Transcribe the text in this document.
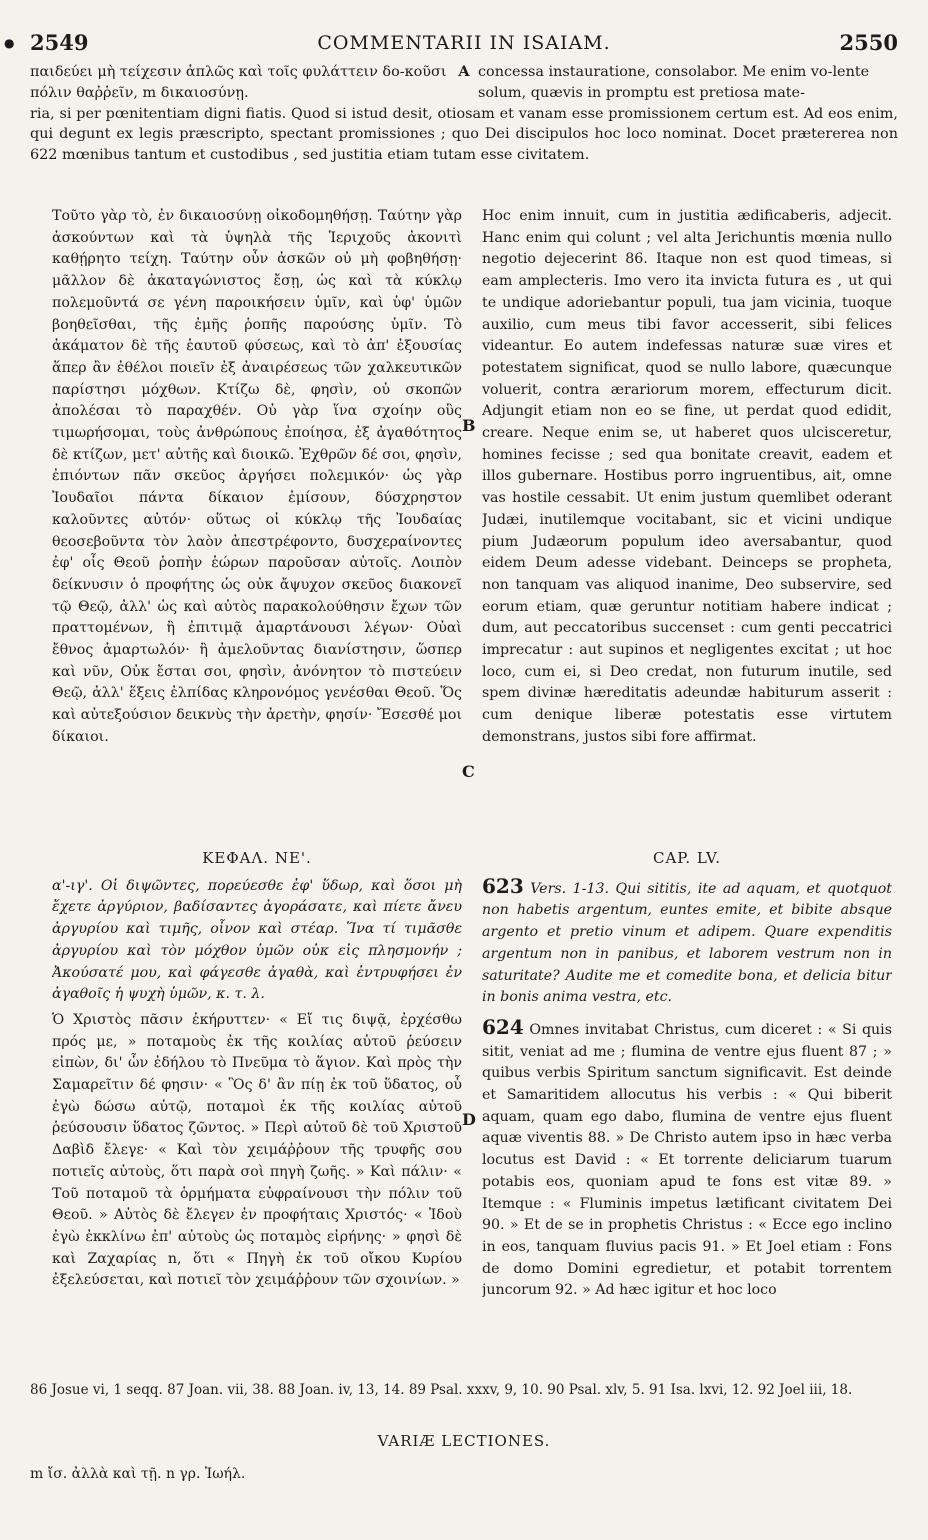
● 2549	COMMENTARII IN ISAIAM.	2550
παιδεύει μὴ τείχεσιν ἁπλῶς καὶ τοῖς φυλάττειν δο-κοῦσι πόλιν θαῤῥεῖν, m δικαιοσύνῃ.
A concessa instauratione, consolabor. Me enim vo-lente solum, quævis in promptu est pretiosa mate-
ria, si per pœnitentiam digni fiatis. Quod si istud desit, otiosam et vanam esse promissionem certum est. Ad eos enim, qui degunt ex legis præscripto, spectant promissiones ; quo Dei discipulos hoc loco nominat. Docet prætererea non 622 mœnibus tantum et custodibus , sed justitia etiam tutam esse civitatem.
Τοῦτο γὰρ τὸ, ἐν δικαιοσύνῃ οἰκοδομηθήσῃ. Ταύτην γὰρ ἀσκούντων καὶ τὰ ὑψηλὰ τῆς Ἱεριχοῦς ἀκονιτὶ καθῄρητο τείχη. Ταύτην οὖν ἀσκῶν οὐ μὴ φοβηθήσῃ· μᾶλλον δὲ ἀκαταγώνιστος ἔσῃ, ὡς καὶ τὰ κύκλῳ πολεμοῦντά σε γένη παροικήσειν ὑμῖν, καὶ ὑφ' ὑμῶν βοηθεῖσθαι, τῆς ἐμῆς ῥοπῆς παρούσης ὑμῖν. Τὸ ἀκάματον δὲ τῆς ἑαυτοῦ φύσεως, καὶ τὸ ἀπ' ἐξουσίας ἅπερ ἂν ἐθέλοι ποιεῖν ἐξ ἀναιρέσεως τῶν χαλκευτικῶν παρίστησι μόχθων. Κτίζω δὲ, φησὶν, οὐ σκοπῶν ἀπολέσαι τὸ παραχθέν. Οὐ γὰρ ἵνα σχοίην οὓς τιμωρήσομαι, τοὺς ἀνθρώπους ἐποίησα, ἐξ ἀγαθότητος δὲ κτίζων, μετ' αὐτῆς καὶ διοικῶ. Ἐχθρῶν δέ σοι, φησὶν, ἐπιόντων πᾶν σκεῦος ἀργήσει πολεμικόν· ὡς γὰρ Ἰουδαῖοι πάντα δίκαιον ἐμίσουν, δύσχρηστον καλοῦντες αὐτόν· οὕτως οἱ κύκλῳ τῆς Ἰουδαίας θεοσεβοῦντα τὸν λαὸν ἀπεστρέφοντο, δυσχεραίνοντες ἐφ' οἷς Θεοῦ ῥοπὴν ἑώρων παροῦσαν αὐτοῖς. Λοιπὸν δείκνυσιν ὁ προφήτης ὡς οὐκ ἄψυχον σκεῦος διακονεῖ τῷ Θεῷ, ἀλλ' ὡς καὶ αὐτὸς παρακολούθησιν ἔχων τῶν πραττομένων, ἢ ἐπιτιμᾷ ἁμαρτάνουσι λέγων· Οὐαὶ ἔθνος ἁμαρτωλόν· ἢ ἀμελοῦντας διανίστησιν, ὥσπερ καὶ νῦν, Οὐκ ἔσται σοι, φησὶν, ἀνόνητον τὸ πιστεύειν Θεῷ, ἀλλ' ἕξεις ἐλπίδας κληρονόμος γενέσθαι Θεοῦ. Ὅς καὶ αὐτεξούσιον δεικνὺς τὴν ἀρετὴν, φησίν· Ἔσεσθέ μοι δίκαιοι.
Hoc enim innuit, cum in justitia ædificaberis, adjecit. Hanc enim qui colunt ; vel alta Jerichuntis mœnia nullo negotio dejecerint 86. Itaque non est quod timeas, si eam amplecteris. Imo vero ita invicta futura es , ut qui te undique adoriebantur populi, tua jam vicinia, tuoque auxilio, cum meus tibi favor accesserit, sibi felices videantur. Eo autem indefessas naturæ suæ vires et potestatem significat, quod se nullo labore, quæcunque voluerit, contra ærariorum morem, effecturum dicit. Adjungit etiam non eo se fine, ut perdat quod edidit, creare. Neque enim se, ut haberet quos ulcisceretur, homines fecisse ; sed qua bonitate creavit, eadem et illos gubernare. Hostibus porro ingruentibus, ait, omne vas hostile cessabit. Ut enim justum quemlibet oderant Judæi, inutilemque vocitabant, sic et vicini undique pium Judæorum populum ideo aversabantur, quod eidem Deum adesse videbant. Deinceps se propheta, non tanquam vas aliquod inanime, Deo subservire, sed eorum etiam, quæ geruntur notitiam habere indicat ; dum, aut peccatoribus succenset : cum genti peccatrici imprecatur : aut supinos et negligentes excitat ; ut hoc loco, cum ei, si Deo credat, non futurum inutile, sed spem divinæ hæreditatis adeundæ habiturum asserit : cum denique liberæ potestatis esse virtutem demonstrans, justos sibi fore affirmat.
B
C
D
ΚΕΦΑΛ. ΝΕ'.
α'-ιγ'. Οἱ διψῶντες, πορεύεσθε ἐφ' ὕδωρ, καὶ ὅσοι μὴ ἔχετε ἀργύριον, βαδίσαντες ἀγοράσατε, καὶ πίετε ἄνευ ἀργυρίου καὶ τιμῆς, οἶνον καὶ στέαρ. Ἵνα τί τιμᾶσθε ἀργυρίου καὶ τὸν μόχθον ὑμῶν οὐκ εἰς πλησμονήν ; Ἀκούσατέ μου, καὶ φάγεσθε ἀγαθὰ, καὶ ἐντρυφήσει ἐν ἀγαθοῖς ἡ ψυχὴ ὑμῶν, κ. τ. λ.
Ὁ Χριστὸς πᾶσιν ἐκήρυττεν· « Εἴ τις διψᾷ, ἐρχέσθω πρός με, » ποταμοὺς ἐκ τῆς κοιλίας αὐτοῦ ῥεύσειν εἰπὼν, δι' ὧν ἐδήλου τὸ Πνεῦμα τὸ ἅγιον. Καὶ πρὸς τὴν Σαμαρεῖτιν δέ φησιν· « Ὃς δ' ἂν πίῃ ἐκ τοῦ ὕδατος, οὗ ἐγὼ δώσω αὐτῷ, ποταμοὶ ἐκ τῆς κοιλίας αὐτοῦ ῥεύσουσιν ὕδατος ζῶντος. » Περὶ αὐτοῦ δὲ τοῦ Χριστοῦ Δαβὶδ ἔλεγε· « Καὶ τὸν χειμάῤῥουν τῆς τρυφῆς σου ποτιεῖς αὐτοὺς, ὅτι παρὰ σοὶ πηγὴ ζωῆς. » Καὶ πάλιν· « Τοῦ ποταμοῦ τὰ ὁρμήματα εὐφραίνουσι τὴν πόλιν τοῦ Θεοῦ. » Αὐτὸς δὲ ἔλεγεν ἐν προφήταις Χριστός· « Ἰδοὺ ἐγὼ ἐκκλίνω ἐπ' αὐτοὺς ὡς ποταμὸς εἰρήνης· » φησὶ δὲ καὶ Ζαχαρίας n, ὅτι « Πηγὴ ἐκ τοῦ οἴκου Κυρίου ἐξελεύσεται, καὶ ποτιεῖ τὸν χειμάῤῥουν τῶν σχοινίων. »
CAP. LV.
623 Vers. 1-13. Qui sititis, ite ad aquam, et quotquot non habetis argentum, euntes emite, et bibite absque argento et pretio vinum et adipem. Quare expenditis argentum non in panibus, et laborem vestrum non in saturitate? Audite me et comedite bona, et delicia bitur in bonis anima vestra, etc.
624 Omnes invitabat Christus, cum diceret : « Si quis sitit, veniat ad me ; flumina de ventre ejus fluent 87 ; » quibus verbis Spiritum sanctum significavit. Est deinde et Samaritidem allocutus his verbis : « Qui biberit aquam, quam ego dabo, flumina de ventre ejus fluent aquæ viventis 88. » De Christo autem ipso in hæc verba locutus est David : « Et torrente deliciarum tuarum potabis eos, quoniam apud te fons est vitæ 89. » Itemque : « Fluminis impetus lætificant civitatem Dei 90. » Et de se in prophetis Christus : « Ecce ego inclino in eos, tanquam fluvius pacis 91. » Et Joel etiam : Fons de domo Domini egredietur, et potabit torrentem juncorum 92. » Ad hæc igitur et hoc loco
86 Josue vi, 1 seqq. 87 Joan. vii, 38. 88 Joan. iv, 13, 14. 89 Psal. xxxv, 9, 10. 90 Psal. xlv, 5. 91 Isa. lxvi, 12. 92 Joel iii, 18.
VARIÆ LECTIONES.
m ἴσ. ἀλλὰ καὶ τῇ. n γρ. Ἰωήλ.
